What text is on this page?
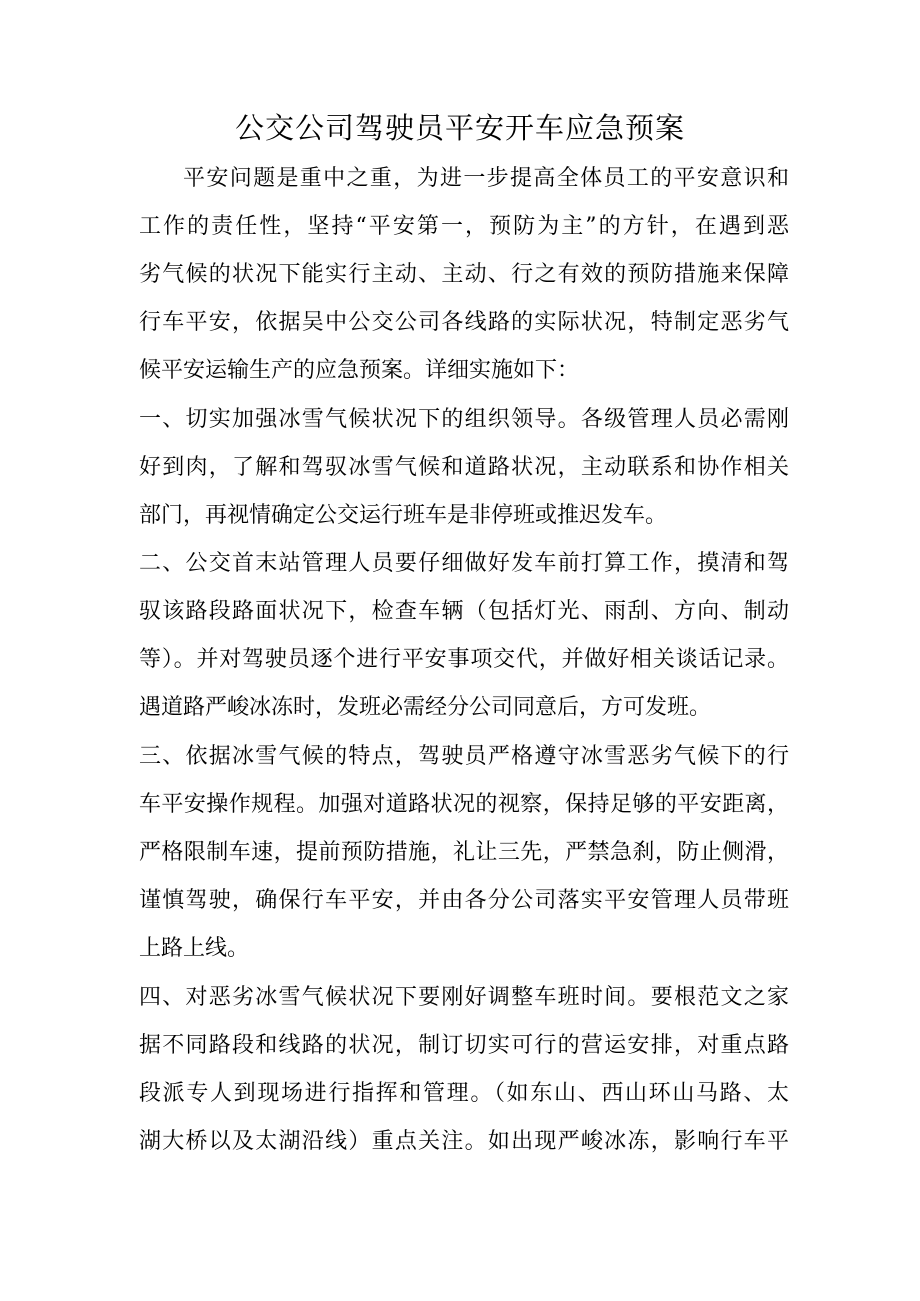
公交公司驾驶员平安开车应急预案
平安问题是重中之重，为进一步提高全体员工的平安意识和
工作的责任性，坚持“平安第一，预防为主”的方针，在遇到恶
劣气候的状况下能实行主动、主动、行之有效的预防措施来保障
行车平安，依据吴中公交公司各线路的实际状况，特制定恶劣气
候平安运输生产的应急预案。详细实施如下：
一、切实加强冰雪气候状况下的组织领导。各级管理人员必需刚
好到肉，了解和驾驭冰雪气候和道路状况，主动联系和协作相关
部门，再视情确定公交运行班车是非停班或推迟发车。
二、公交首末站管理人员要仔细做好发车前打算工作，摸清和驾
驭该路段路面状况下，检查车辆（包括灯光、雨刮、方向、制动
等）。并对驾驶员逐个进行平安事项交代，并做好相关谈话记录。
遇道路严峻冰冻时，发班必需经分公司同意后，方可发班。
三、依据冰雪气候的特点，驾驶员严格遵守冰雪恶劣气候下的行
车平安操作规程。加强对道路状况的视察，保持足够的平安距离，
严格限制车速，提前预防措施，礼让三先，严禁急刹，防止侧滑，
谨慎驾驶，确保行车平安，并由各分公司落实平安管理人员带班
上路上线。
四、对恶劣冰雪气候状况下要刚好调整车班时间。要根范文之家
据不同路段和线路的状况，制订切实可行的营运安排，对重点路
段派专人到现场进行指挥和管理。（如东山、西山环山马路、太
湖大桥以及太湖沿线）重点关注。如出现严峻冰冻，影响行车平
